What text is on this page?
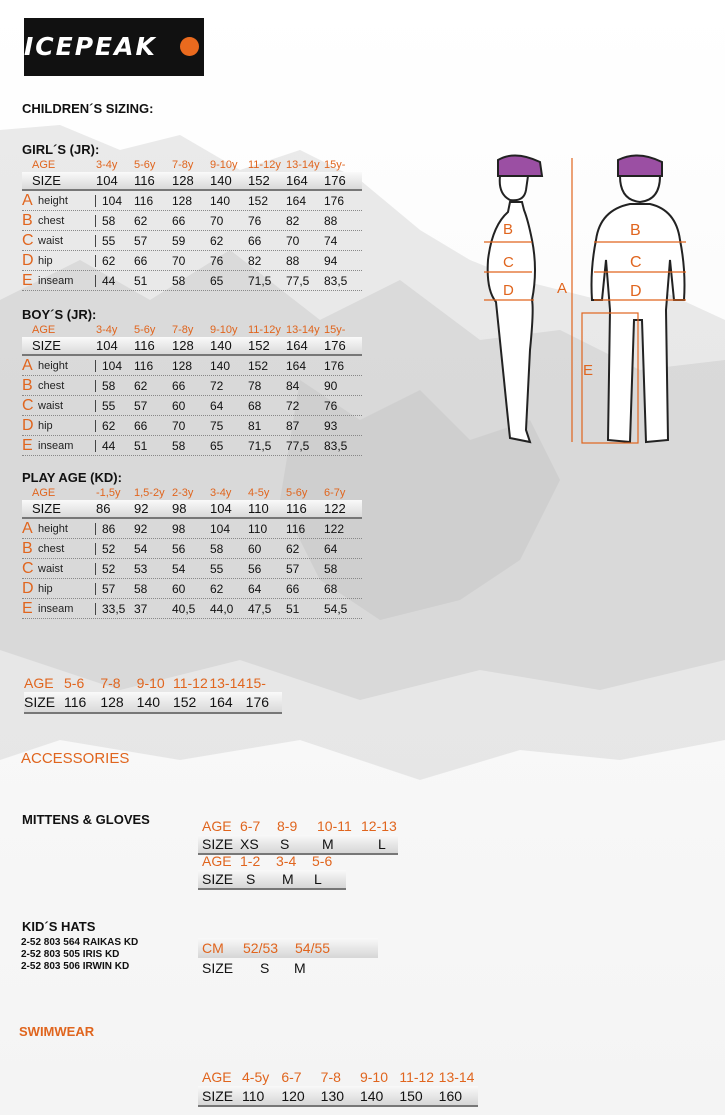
ICEPEAK
CHILDREN´S SIZING:
GIRL´S (JR):
AGE	3-4y	5-6y	7-8y	9-10y 11-12y 13-14y 15y-
SIZE	104	116	128	140	152	164	176
A height	104 116	128	140	152	164	176
B chest	58	62	66	70	76	82	88
C waist	55	57	59	62	66	70	74
D hip	62	66	70	76	82	88	94
E inseam	44	51	58	65	71,5	77,5	83,5
BOY´S (JR):
AGE	3-4y	5-6y	7-8y	9-10y 11-12y 13-14y 15y-
SIZE	104	116	128	140	152	164	176
A height	104 116	128	140	152	164	176
B chest	58	62	66	72	78	84	90
C waist	55	57	60	64	68	72	76
D hip	62	66	70	75	81	87	93
E inseam	44	51	58	65	71,5	77,5	83,5
PLAY AGE (KD):
AGE	-1,5y	1,5-2y 2-3y	3-4y	4-5y	5-6y	6-7y
SIZE	86	92	98	104	110	116	122
A height	86	92	98	104	110	116	122
B chest	52	54	56	58	60	62	64
C waist	52	53	54	55	56	57	58
D hip	57	58	60	62	64	66	68
E inseam	33,5 37	40,5	44,0	47,5	51	54,5
AGE 5-6	7-8	9-10 11-12 13-14 15-
SIZE 116	128 140 152 164 176
ACCESSORIES
MITTENS & GLOVES	AGE 6-7	8-9	10-11 12-13
SIZE XS	S	M	L
AGE 1-2	3-4	5-6
SIZE S	M	L
KID´S HATS
2-52 803 564 RAIKAS KD
2-52 803 505 IRIS KD
2-52 803 506 IRWIN KD
CM	52/53	54/55
SIZE	S	M
SWIMWEAR
AGE 4-5y 6-7	7-8	9-10 11-12 13-14
SIZE 110	120	130	140	150	160
B
C
D	A
E
B
C
D
